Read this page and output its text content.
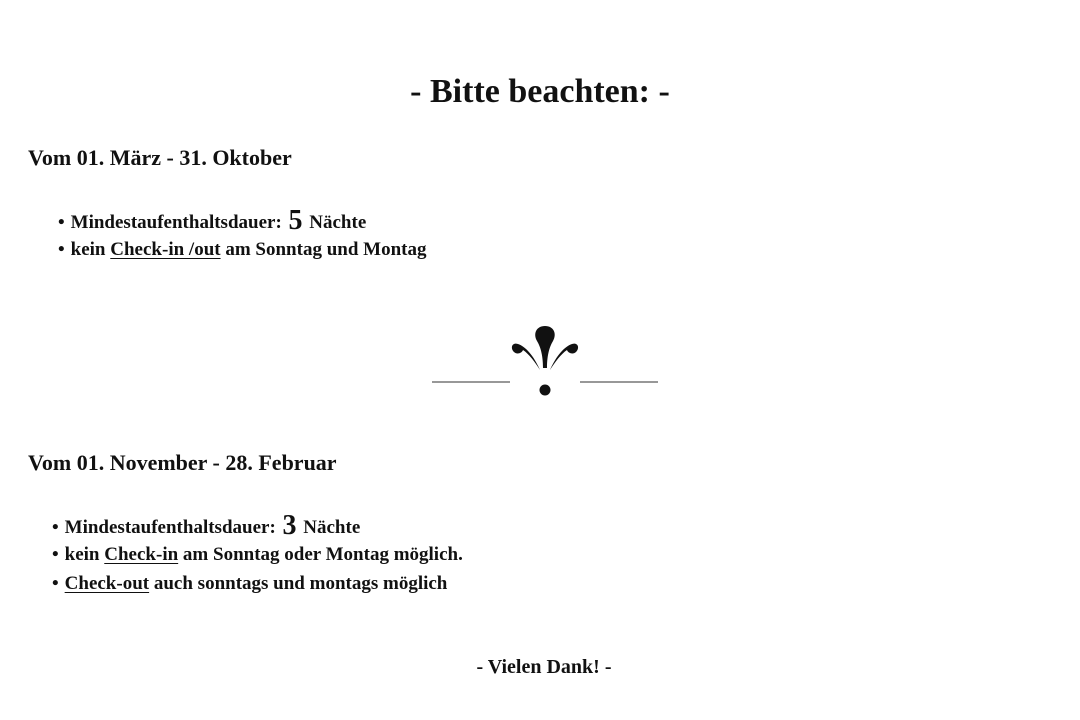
- Bitte beachten: -
Vom 01. März - 31. Oktober
• Mindestaufenthaltsdauer: 5 Nächte
• kein Check-in /out am Sonntag und Montag
Vom 01. November - 28. Februar
• Mindestaufenthaltsdauer: 3 Nächte
• kein Check-in am Sonntag oder Montag möglich.
• Check-out auch sonntags und montags möglich

- Vielen Dank! -
